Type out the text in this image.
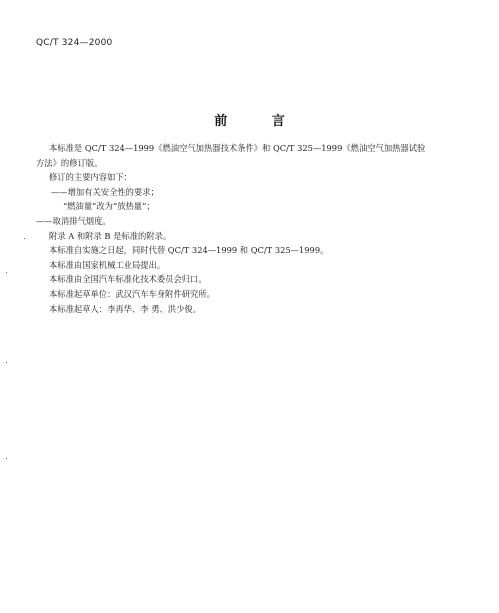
QC/T 324—2000
前 言

本标准是 QC/T 324—1999《燃油空气加热器技术条件》和 QC/T 325—1999《燃油空气加热器试验

方法》的修订版。

修订的主要内容如下：

——增加有关安全性的要求；

“燃油量”改为“放热量”；

——取消排气烟度。

附录 A 和附录 B 是标准的附录。

本标准自实施之日起，同时代替 QC/T 324—1999 和 QC/T 325—1999。

本标准由国家机械工业局提出。

本标准由全国汽车标准化技术委员会归口。

本标准起草单位：武汉汽车车身附件研究所。

本标准起草人：李再华、李 勇、洪少俊。
